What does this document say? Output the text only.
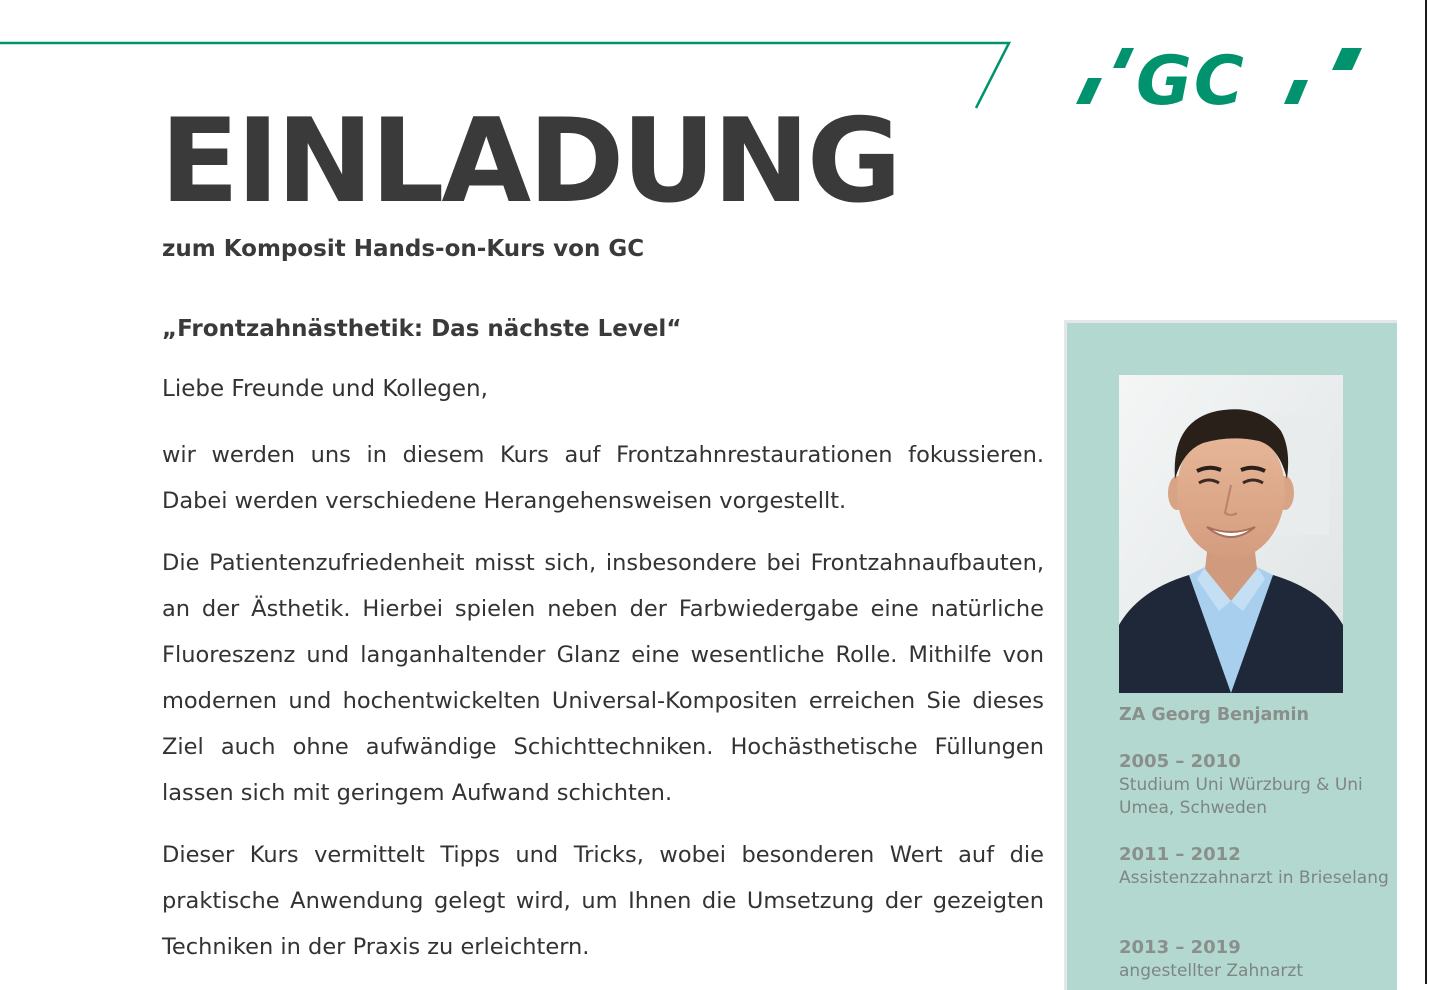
GC
EINLADUNG
zum Komposit Hands-on-Kurs von GC
„Frontzahnästhetik: Das nächste Level“

Liebe Freunde und Kollegen,

wir werden uns in diesem Kurs auf Frontzahnrestaurationen fokussieren. Dabei werden verschiedene Herangehensweisen vorgestellt.

Die Patientenzufriedenheit misst sich, insbesondere bei Frontzahnaufbauten, an der Ästhetik. Hierbei spielen neben der Farbwiedergabe eine natürliche Fluoreszenz und langanhaltender Glanz eine wesentliche Rolle. Mithilfe von modernen und hochentwickelten Universal-Kompositen erreichen Sie dieses Ziel auch ohne aufwändige Schichttechniken. Hochästhetische Füllungen lassen sich mit geringem Aufwand schichten.

Dieser Kurs vermittelt Tipps und Tricks, wobei besonderen Wert auf die praktische Anwendung gelegt wird, um Ihnen die Umsetzung der gezeigten Techniken in der Praxis zu erleichtern.

ZA Georg Benjamin

2005 – 2010
Studium Uni Würzburg & Uni Umea, Schweden
2011 – 2012
Assistenzzahnarzt in Brieselang
2013 – 2019
angestellter Zahnarzt
